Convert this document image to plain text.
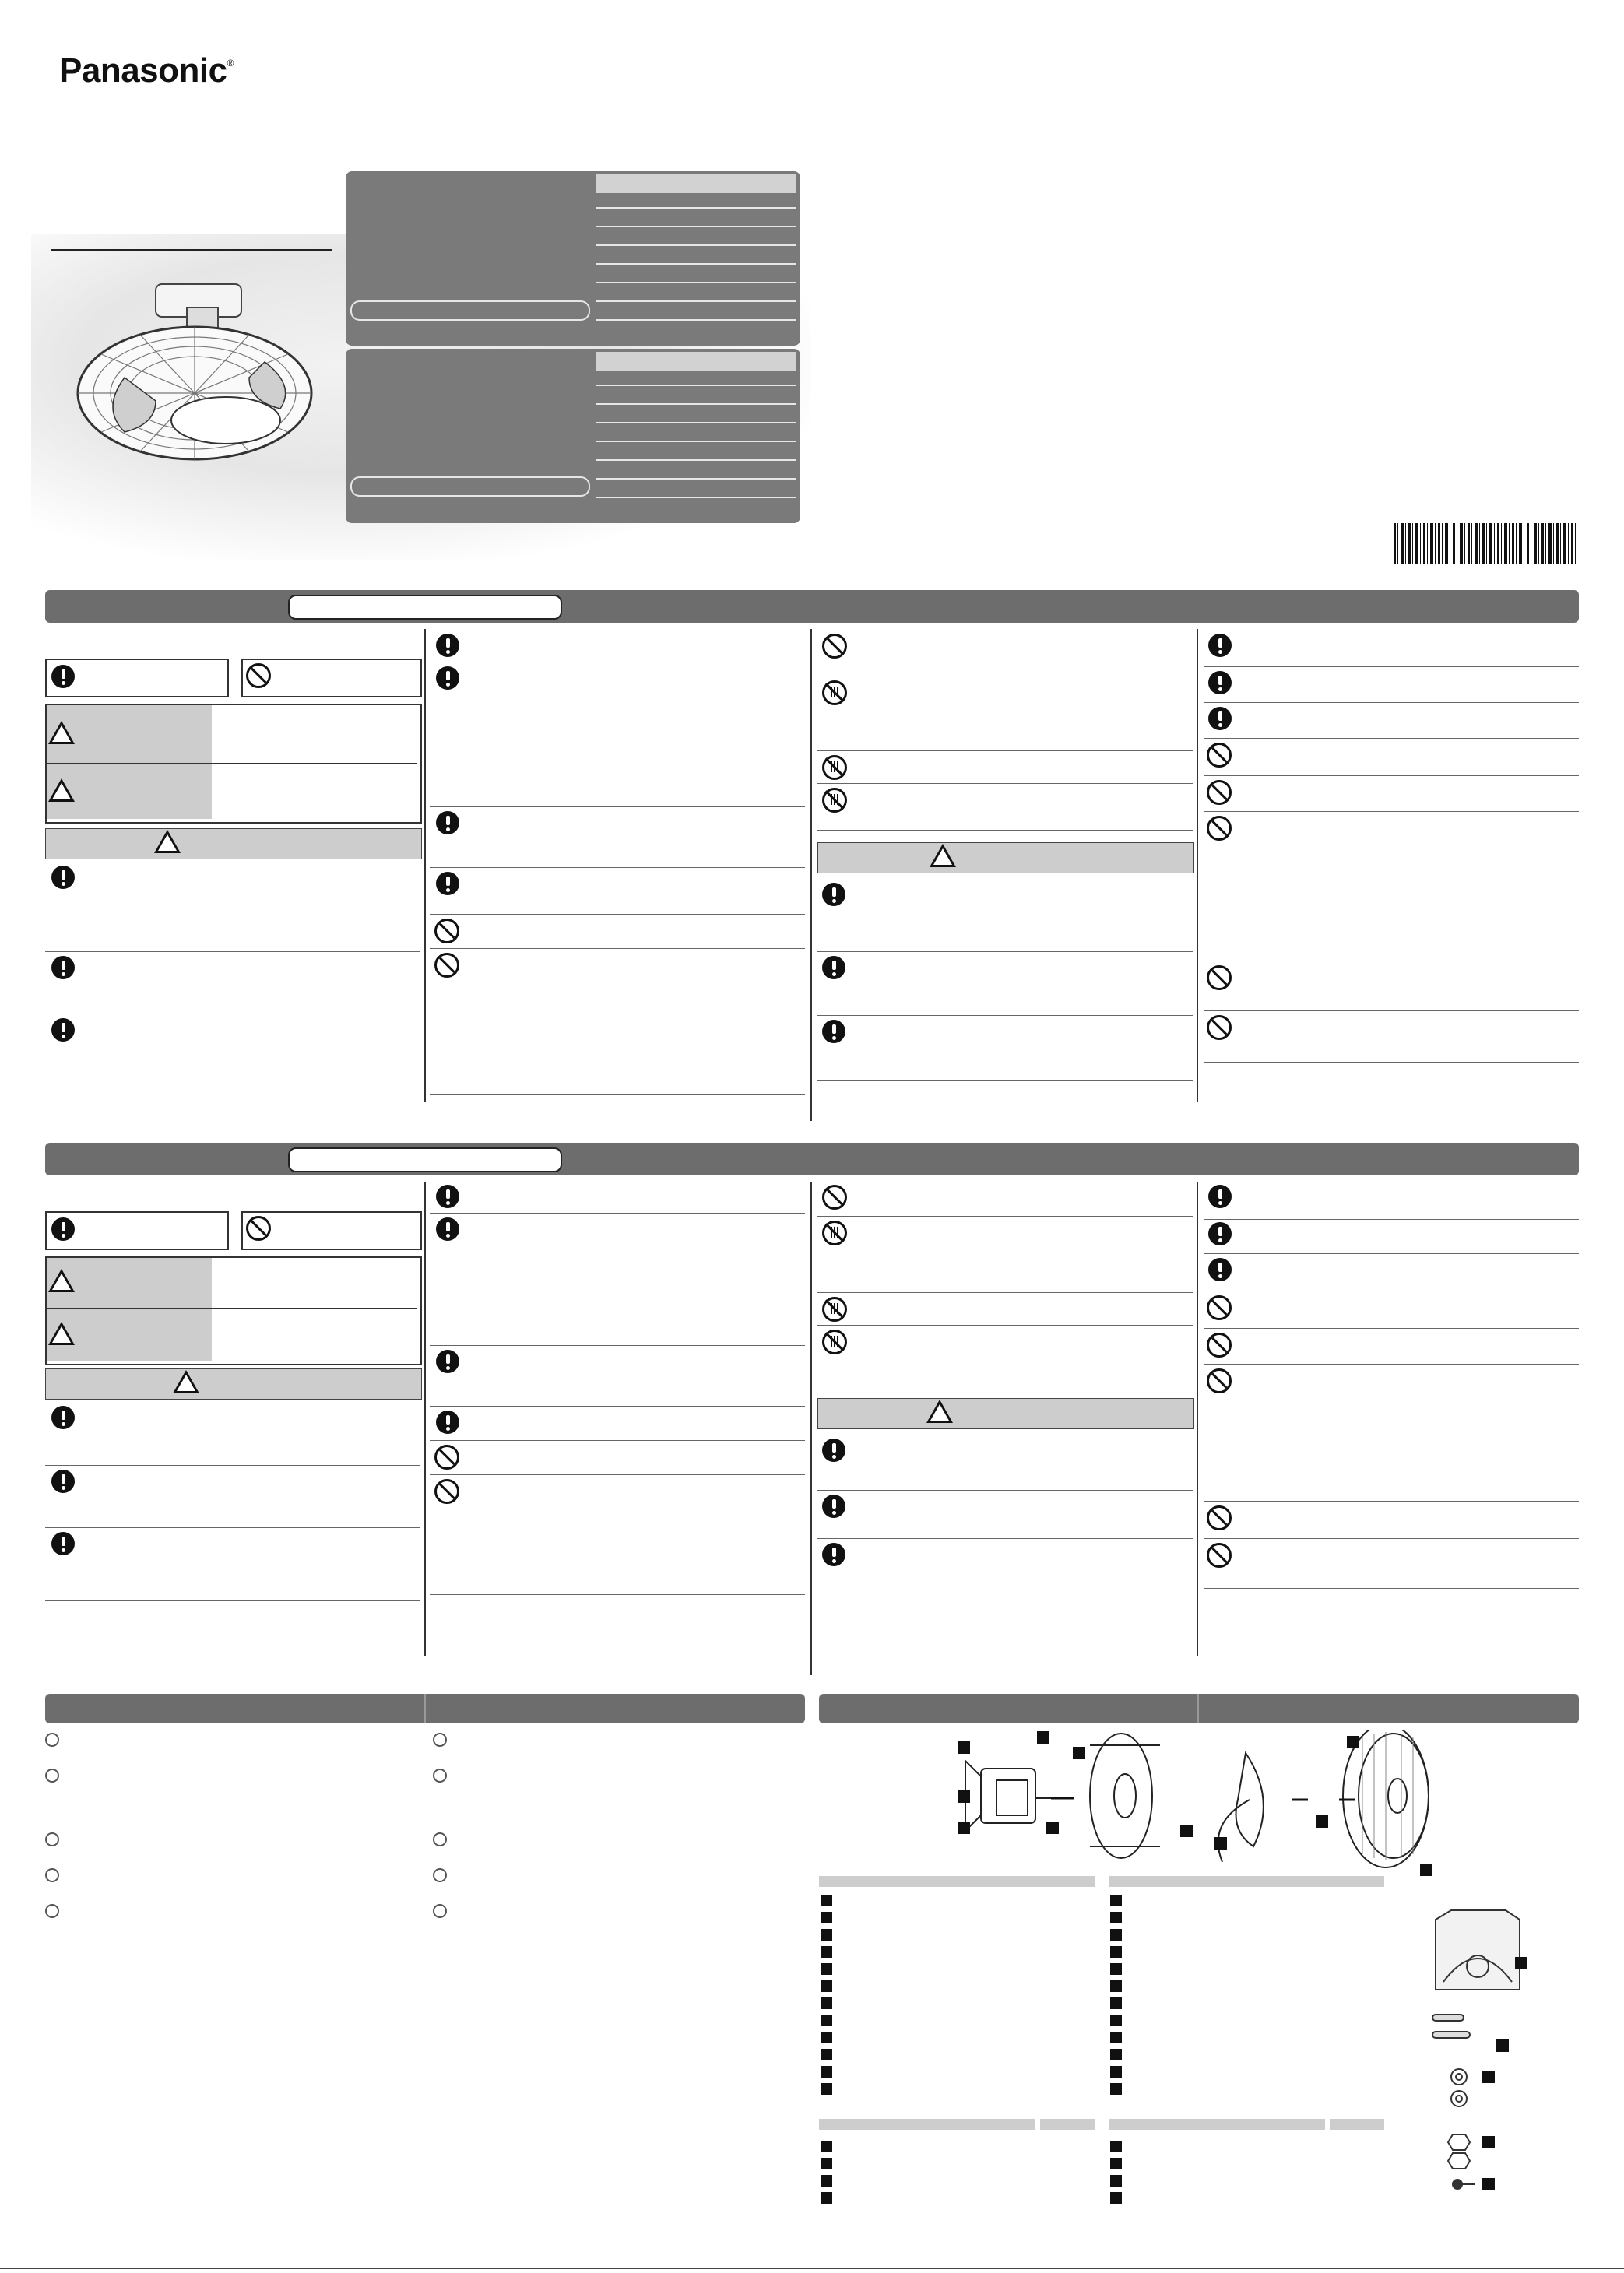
Panasonic®
